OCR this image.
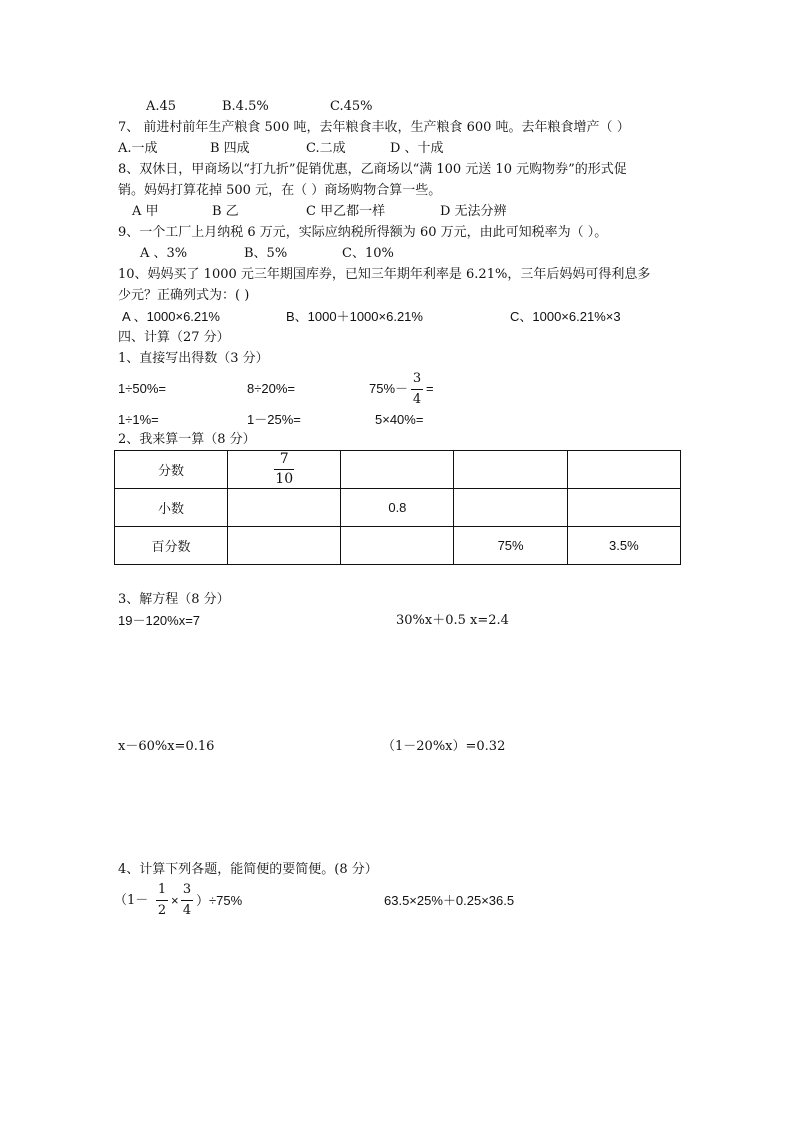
A.45	B.4.5%	C.45%
7、 前进村前年生产粮食 500 吨，去年粮食丰收，生产粮食 600 吨。去年粮食增产（ ）
A.一成	B 四成	C.二成	D 、十成
8、双休日，甲商场以“打九折”促销优惠，乙商场以“满 100 元送 10 元购物券”的形式促
销。妈妈打算花掉 500 元，在（ ）商场购物合算一些。
A 甲	B 乙	C 甲乙都一样	D 无法分辨
9、一个工厂上月纳税 6 万元，实际应纳税所得额为 60 万元，由此可知税率为（ ）。
A 、3%	B、5%	C、10%
10、妈妈买了 1000 元三年期国库券，已知三年期年利率是 6.21%，三年后妈妈可得利息多
少元？正确列式为：( )
A 、1000×6.21%	B、1000＋1000×6.21%	C、1000×6.21%×3
四、计算（27 分）
1、直接写出得数（3 分）
1÷50%=	8÷20%=	75%－
3
4
=
1÷1%=	1－25%=	5×40%=
2、我来算一算（8 分）
分数	$\frac{7}{10}$

小数		0.8		
百分数			75%	3.5%
3、解方程（8 分）
19－120%x=7	30%x＋0.5 x=2.4
x－60%x=0.16	（1－20%x）=0.32
4、计算下列各题，能简便的要简便。(8 分）
（1－
1
2
×
3
4
）÷75%	63.5×25%＋0.25×36.5
